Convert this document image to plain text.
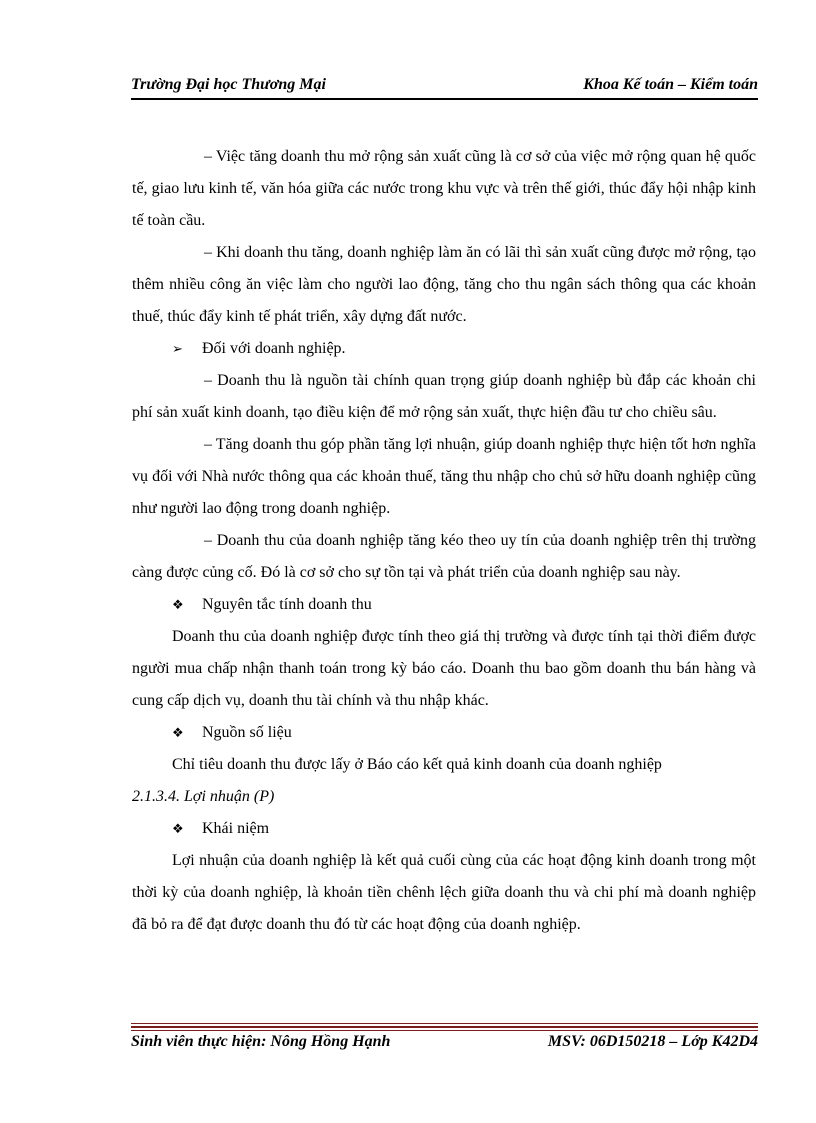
Trường Đại học Thương Mại	Khoa Kế toán – Kiểm toán

– Việc tăng doanh thu mở rộng sản xuất cũng là cơ sở của việc mở rộng quan hệ quốc tế, giao lưu kinh tế, văn hóa giữa các nước trong khu vực và trên thế giới, thúc đẩy hội nhập kinh tế toàn cầu.

– Khi doanh thu tăng, doanh nghiệp làm ăn có lãi thì sản xuất cũng được mở rộng, tạo thêm nhiều công ăn việc làm cho người lao động, tăng cho thu ngân sách thông qua các khoản thuế, thúc đẩy kinh tế phát triển, xây dựng đất nước.

➢	Đối với doanh nghiệp.

– Doanh thu là nguồn tài chính quan trọng giúp doanh nghiệp bù đắp các khoản chi phí sản xuất kinh doanh, tạo điều kiện để mở rộng sản xuất, thực hiện đầu tư cho chiều sâu.

– Tăng doanh thu góp phần tăng lợi nhuận, giúp doanh nghiệp thực hiện tốt hơn nghĩa vụ đối với Nhà nước thông qua các khoản thuế, tăng thu nhập cho chủ sở hữu doanh nghiệp cũng như người lao động trong doanh nghiệp.

– Doanh thu của doanh nghiệp tăng kéo theo uy tín của doanh nghiệp trên thị trường càng được củng cố. Đó là cơ sở cho sự tồn tại và phát triển của doanh nghiệp sau này.

❖	Nguyên tắc tính doanh thu

Doanh thu của doanh nghiệp được tính theo giá thị trường và được tính tại thời điểm được người mua chấp nhận thanh toán trong kỳ báo cáo. Doanh thu bao gồm doanh thu bán hàng và cung cấp dịch vụ, doanh thu tài chính và thu nhập khác.

❖	Nguồn số liệu

Chỉ tiêu doanh thu được lấy ở Báo cáo kết quả kinh doanh của doanh nghiệp

2.1.3.4. Lợi nhuận (P)

❖	Khái niệm

Lợi nhuận của doanh nghiệp là kết quả cuối cùng của các hoạt động kinh doanh trong một thời kỳ của doanh nghiệp, là khoản tiền chênh lệch giữa doanh thu và chi phí mà doanh nghiệp đã bỏ ra để đạt được doanh thu đó từ các hoạt động của doanh nghiệp.

Sinh viên thực hiện: Nông Hồng Hạnh	MSV: 06D150218 – Lớp K42D4
